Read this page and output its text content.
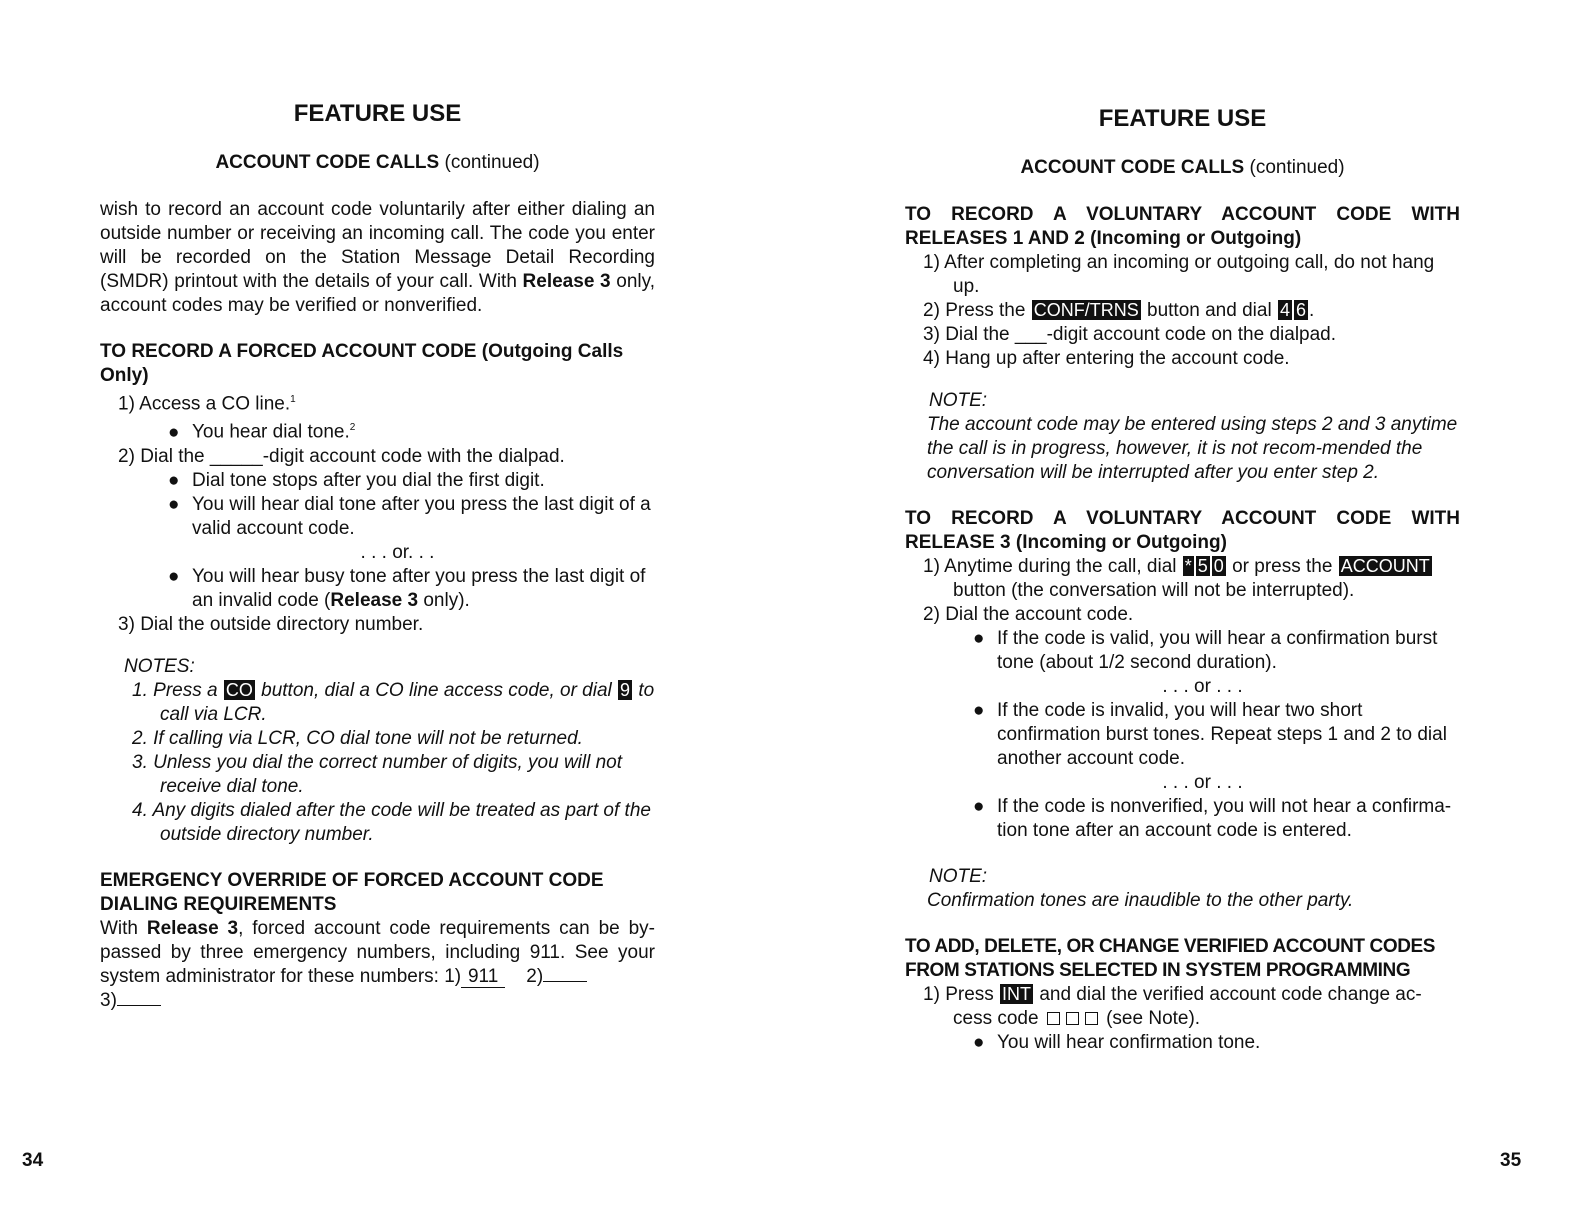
FEATURE USE
ACCOUNT CODE CALLS (continued)

wish to record an account code voluntarily after either dialing an outside number or receiving an incoming call. The code you enter will be recorded on the Station Message Detail Recording (SMDR) printout with the details of your call. With Release 3 only, account codes may be verified or nonverified.

TO RECORD A FORCED ACCOUNT CODE (Outgoing Calls Only)

1) Access a CO line.$^1$

● You hear dial tone.$^2$

2) Dial the _____-digit account code with the dialpad.

● Dial tone stops after you dial the first digit.

● You will hear dial tone after you press the last digit of a valid account code.

. . . or. . .

● You will hear busy tone after you press the last digit of an invalid code (Release 3 only).

3) Dial the outside directory number.

NOTES:

1. Press a CO button, dial a CO line access code, or dial 9 to call via LCR.

2. If calling via LCR, CO dial tone will not be returned.

3. Unless you dial the correct number of digits, you will not receive dial tone.

4. Any digits dialed after the code will be treated as part of the outside directory number.

EMERGENCY OVERRIDE OF FORCED ACCOUNT CODE DIALING REQUIREMENTS

With Release 3, forced account code requirements can be by-passed by three emergency numbers, including 911. See your system administrator for these numbers: 1) 911 2)
3)

34
FEATURE USE
ACCOUNT CODE CALLS (continued)

TO RECORD A VOLUNTARY ACCOUNT CODE WITH RELEASES 1 AND 2 (Incoming or Outgoing)

1) After completing an incoming or outgoing call, do not hang up.

2) Press the CONF/TRNS button and dial 4 6 .

3) Dial the ___-digit account code on the dialpad.

4) Hang up after entering the account code.

NOTE:

The account code may be entered using steps 2 and 3 anytime the call is in progress, however, it is not recom-mended the conversation will be interrupted after you enter step 2.

TO RECORD A VOLUNTARY ACCOUNT CODE WITH RELEASE 3 (Incoming or Outgoing)

1) Anytime during the call, dial * 5 0 or press the ACCOUNT button (the conversation will not be interrupted).

2) Dial the account code.

● If the code is valid, you will hear a confirmation burst tone (about 1/2 second duration).

. . . or . . .

● If the code is invalid, you will hear two short confirmation burst tones. Repeat steps 1 and 2 to dial another account code.

. . . or . . .

● If the code is nonverified, you will not hear a confirma-tion tone after an account code is entered.

NOTE:

Confirmation tones are inaudible to the other party.

TO ADD, DELETE, OR CHANGE VERIFIED ACCOUNT CODES FROM STATIONS SELECTED IN SYSTEM PROGRAMMING

1) Press INT and dial the verified account code change ac-cess code	(see Note).

● You will hear confirmation tone.

35
